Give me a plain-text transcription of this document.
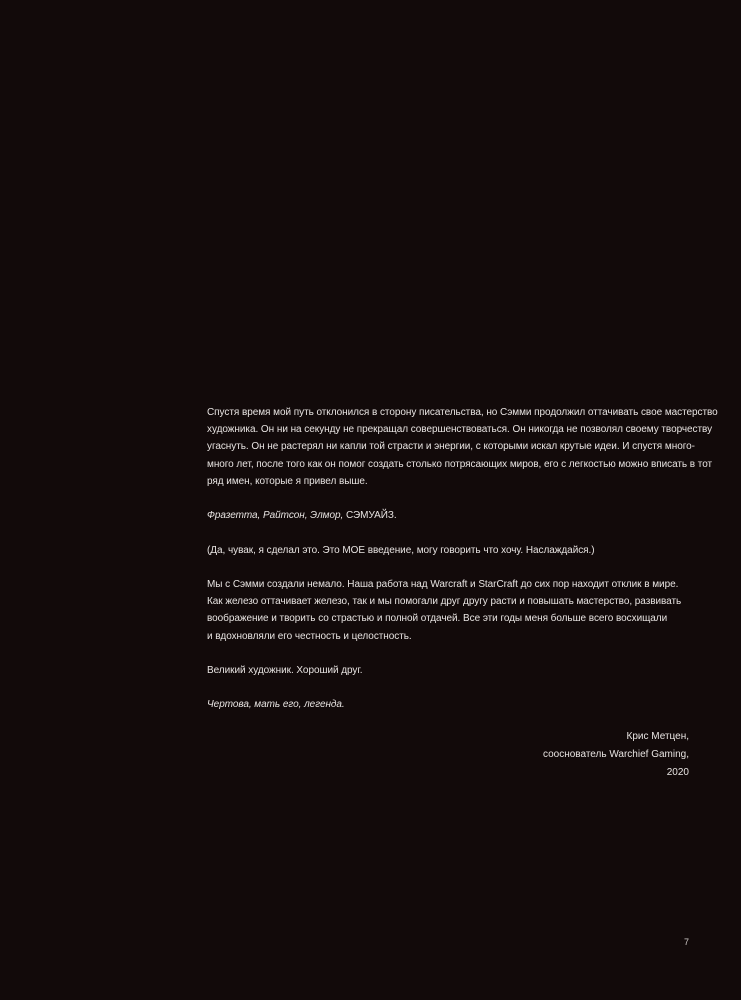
Спустя время мой путь отклонился в сторону писательства, но Сэмми продолжил оттачивать свое мастерство
художника. Он ни на секунду не прекращал совершенствоваться. Он никогда не позволял своему творчеству
угаснуть. Он не растерял ни капли той страсти и энергии, с которыми искал крутые идеи. И спустя много-
много лет, после того как он помог создать столько потрясающих миров, его с легкостью можно вписать в тот
ряд имен, которые я привел выше.

Фразетта, Райтсон, Элмор, СЭМУАЙЗ.

(Да, чувак, я сделал это. Это МОЕ введение, могу говорить что хочу. Наслаждайся.)

Мы с Сэмми создали немало. Наша работа над Warcraft и StarCraft до сих пор находит отклик в мире.
Как железо оттачивает железо, так и мы помогали друг другу расти и повышать мастерство, развивать
воображение и творить со страстью и полной отдачей. Все эти годы меня больше всего восхищали
и вдохновляли его честность и целостность.

Великий художник. Хороший друг.

Чертова, мать его, легенда.

Крис Метцен,
сооснователь Warchief Gaming,
2020
7
